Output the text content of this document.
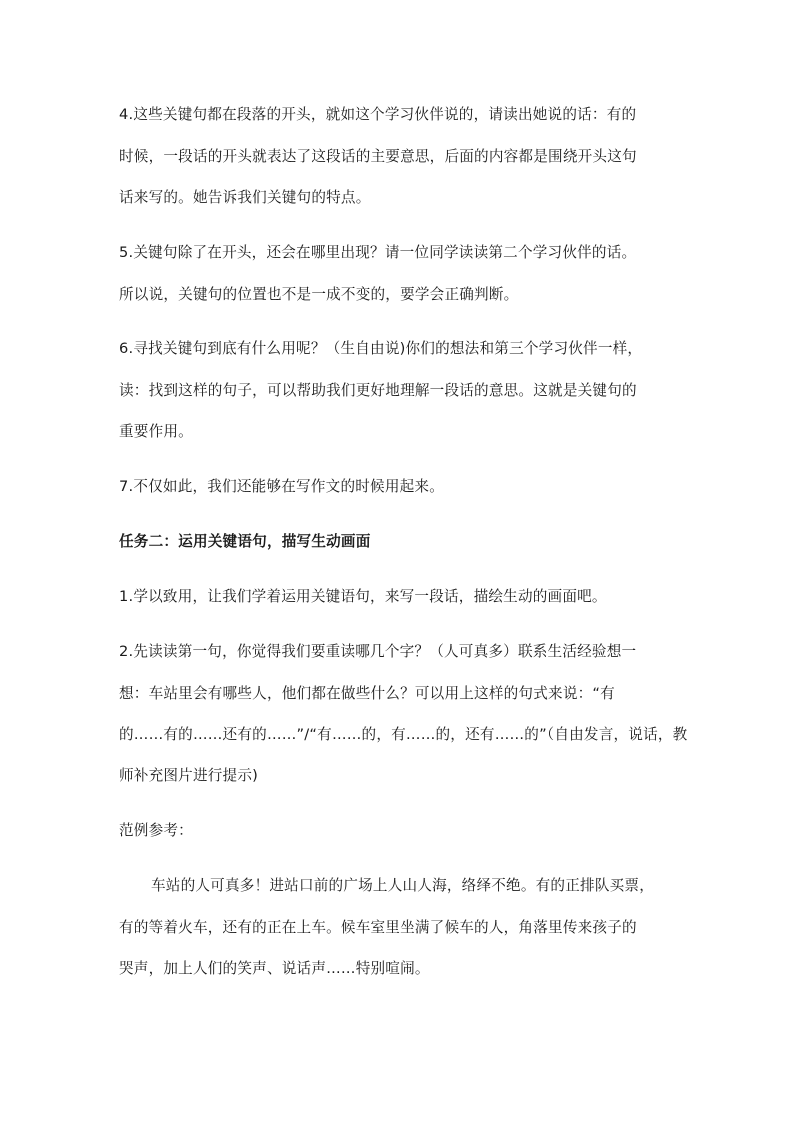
4.这些关键句都在段落的开头，就如这个学习伙伴说的，请读出她说的话：有的
时候，一段话的开头就表达了这段话的主要意思，后面的内容都是围绕开头这句
话来写的。她告诉我们关键句的特点。
5.关键句除了在开头，还会在哪里出现？请一位同学读读第二个学习伙伴的话。
所以说，关键句的位置也不是一成不变的，要学会正确判断。
6.寻找关键句到底有什么用呢？（生自由说)你们的想法和第三个学习伙伴一样，
读：找到这样的句子，可以帮助我们更好地理解一段话的意思。这就是关键句的
重要作用。
7.不仅如此，我们还能够在写作文的时候用起来。
任务二：运用关键语句，描写生动画面
1.学以致用，让我们学着运用关键语句，来写一段话，描绘生动的画面吧。
2.先读读第一句，你觉得我们要重读哪几个字？（人可真多）联系生活经验想一
想：车站里会有哪些人，他们都在做些什么？可以用上这样的句式来说：“有
的……有的……还有的……”/“有……的，有……的，还有……的”（自由发言，说话，教
师补充图片进行提示)
范例参考：
车站的人可真多！进站口前的广场上人山人海，络绎不绝。有的正排队买票，
有的等着火车，还有的正在上车。候车室里坐满了候车的人，角落里传来孩子的
哭声，加上人们的笑声、说话声……特别喧闹。
